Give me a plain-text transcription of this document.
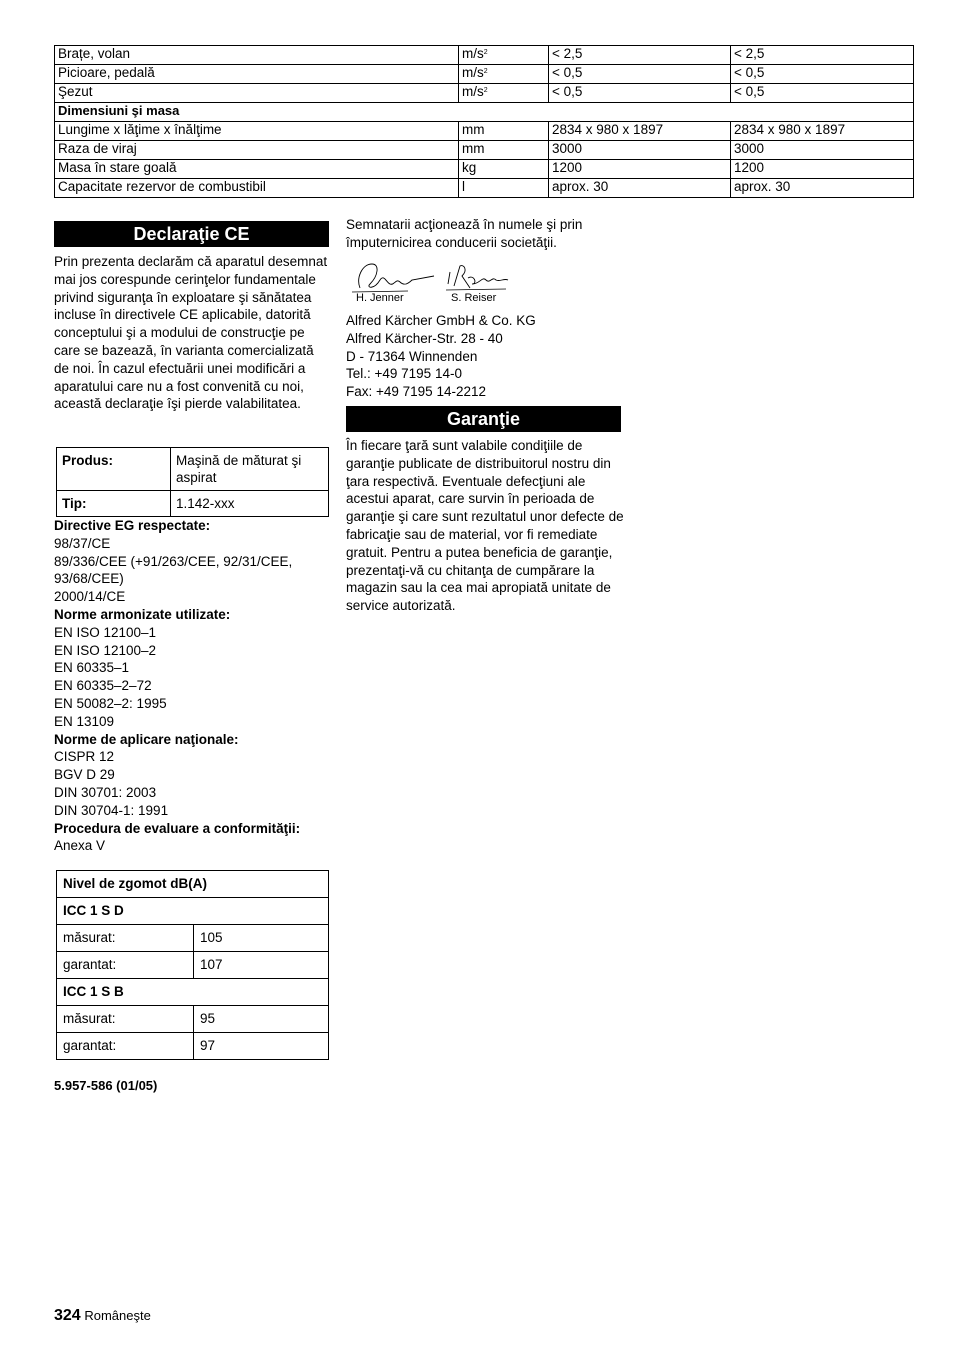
Brațe, volan	$m/s^2$	< 2,5	< 2,5
Picioare, pedală	$m/s^2$	< 0,5	< 0,5
Şezut	$m/s^2$	< 0,5	< 0,5
Dimensiuni şi masa			
Lungime x lăţime x înălţime	mm	2834 x 980 x 1897	2834 x 980 x 1897
Raza de viraj	mm	3000	3000
Masa în stare goală	kg	1200	1200
Capacitate rezervor de combustibil	l	aprox. 30	aprox. 30
Declaraţie CE

Prin prezenta declarăm că aparatul desemnat mai jos corespunde cerinţelor fundamentale privind siguranţa în exploatare şi sănătatea incluse în directivele CE aplicabile, datorită conceptului şi a modului de construcţie pe care se bazează, în varianta comercializată de noi. În cazul efectuării unei modificări a aparatului care nu a fost convenită cu noi, această declaraţie îşi pierde valabilitatea.

Produs:	Maşină de măturat şi aspirat
Tip:	1.142-xxx
Directive EG respectate:
98/37/CE
89/336/CEE (+91/263/CEE, 92/31/CEE,
93/68/CEE)
2000/14/CE
Norme armonizate utilizate:
EN ISO 12100–1
EN ISO 12100–2
EN 60335–1
EN 60335–2–72
EN 50082–2: 1995
EN 13109
Norme de aplicare naţionale:
CISPR 12
BGV D 29
DIN 30701: 2003
DIN 30704-1: 1991
Procedura de evaluare a conformităţii:
Anexa V
Nivel de zgomot dB(A)	
ICC 1 S D	
măsurat:	105
garantat:	107
ICC 1 S B	
măsurat:	95
garantat:	97
5.957-586 (01/05)

Semnatarii acţionează în numele şi prin împuternicirea conducerii societăţii.

H. Jenner	S. Reiser
Alfred Kärcher GmbH & Co. KG
Alfred Kärcher-Str. 28 - 40
D - 71364 Winnenden
Tel.: +49 7195 14-0
Fax: +49 7195 14-2212
Garanţie

În fiecare ţară sunt valabile condiţiile de garanţie publicate de distribuitorul nostru din ţara respectivă. Eventuale defecţiuni ale acestui aparat, care survin în perioada de garanţie şi care sunt rezultatul unor defecte de fabricaţie sau de material, vor fi remediate gratuit. Pentru a putea beneficia de garanţie, prezentaţi-vă cu chitanţa de cumpărare la magazin sau la cea mai apropiată unitate de service autorizată.

324 Româneşte
